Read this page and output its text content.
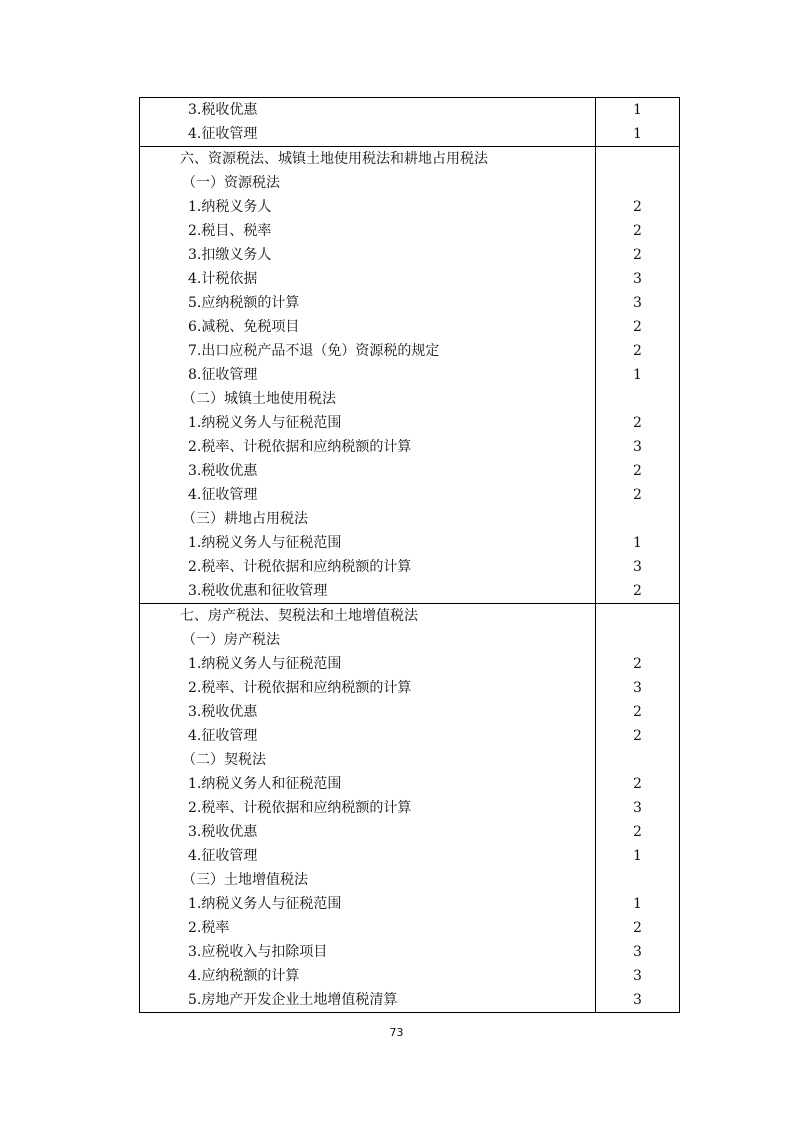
3.税收优惠	1
4.征收管理	1
六、资源税法、城镇土地使用税法和耕地占用税法	
（一）资源税法	
1.纳税义务人	2
2.税目、税率	2
3.扣缴义务人	2
4.计税依据	3
5.应纳税额的计算	3
6.减税、免税项目	2
7.出口应税产品不退（免）资源税的规定	2
8.征收管理	1
（二）城镇土地使用税法	
1.纳税义务人与征税范围	2
2.税率、计税依据和应纳税额的计算	3
3.税收优惠	2
4.征收管理	2
（三）耕地占用税法	
1.纳税义务人与征税范围	1
2.税率、计税依据和应纳税额的计算	3
3.税收优惠和征收管理	2
七、房产税法、契税法和土地增值税法	
（一）房产税法	
1.纳税义务人与征税范围	2
2.税率、计税依据和应纳税额的计算	3
3.税收优惠	2
4.征收管理	2
（二）契税法	
1.纳税义务人和征税范围	2
2.税率、计税依据和应纳税额的计算	3
3.税收优惠	2
4.征收管理	1
（三）土地增值税法	
1.纳税义务人与征税范围	1
2.税率	2
3.应税收入与扣除项目	3
4.应纳税额的计算	3
5.房地产开发企业土地增值税清算	3
73
